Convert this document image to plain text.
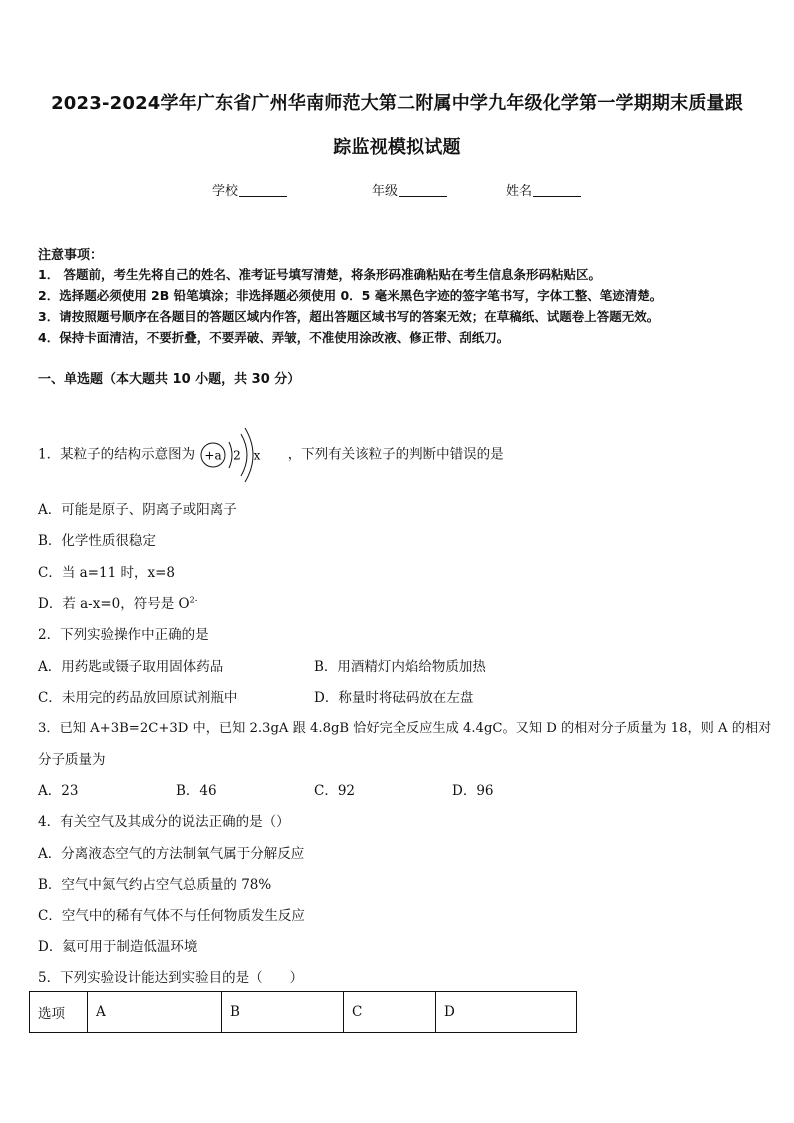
2023-2024学年广东省广州华南师范大第二附属中学九年级化学第一学期期末质量跟
踪监视模拟试题
学校	年级	姓名
注意事项：
1． 答题前，考生先将自己的姓名、准考证号填写清楚，将条形码准确粘贴在考生信息条形码粘贴区。
2．选择题必须使用 2B 铅笔填涂；非选择题必须使用 0．5 毫米黑色字迹的签字笔书写，字体工整、笔迹清楚。
3．请按照题号顺序在各题目的答题区域内作答，超出答题区域书写的答案无效；在草稿纸、试题卷上答题无效。
4．保持卡面清洁，不要折叠，不要弄破、弄皱，不准使用涂改液、修正带、刮纸刀。
一、单选题（本大题共 10 小题，共 30 分）
1．某粒子的结构示意图为 +a 2 x ，下列有关该粒子的判断中错误的是
A．可能是原子、阴离子或阳离子
B．化学性质很稳定
C．当 a=11 时，x=8
D．若 a-x=0，符号是 $O^{2-}$
2．下列实验操作中正确的是
A．用药匙或镊子取用固体药品	B．用酒精灯内焰给物质加热
C．未用完的药品放回原试剂瓶中	D．称量时将砝码放在左盘
3．已知 A+3B=2C+3D 中，已知 2.3gA 跟 4.8gB 恰好完全反应生成 4.4gC。又知 D 的相对分子质量为 18，则 A 的相对
分子质量为
A．23	B．46	C．92	D．96
4．有关空气及其成分的说法正确的是（）
A．分离液态空气的方法制氧气属于分解反应
B．空气中氮气约占空气总质量的 78%
C．空气中的稀有气体不与任何物质发生反应
D．氦可用于制造低温环境
5．下列实验设计能达到实验目的是（　　）
选项	A	B	C	D
